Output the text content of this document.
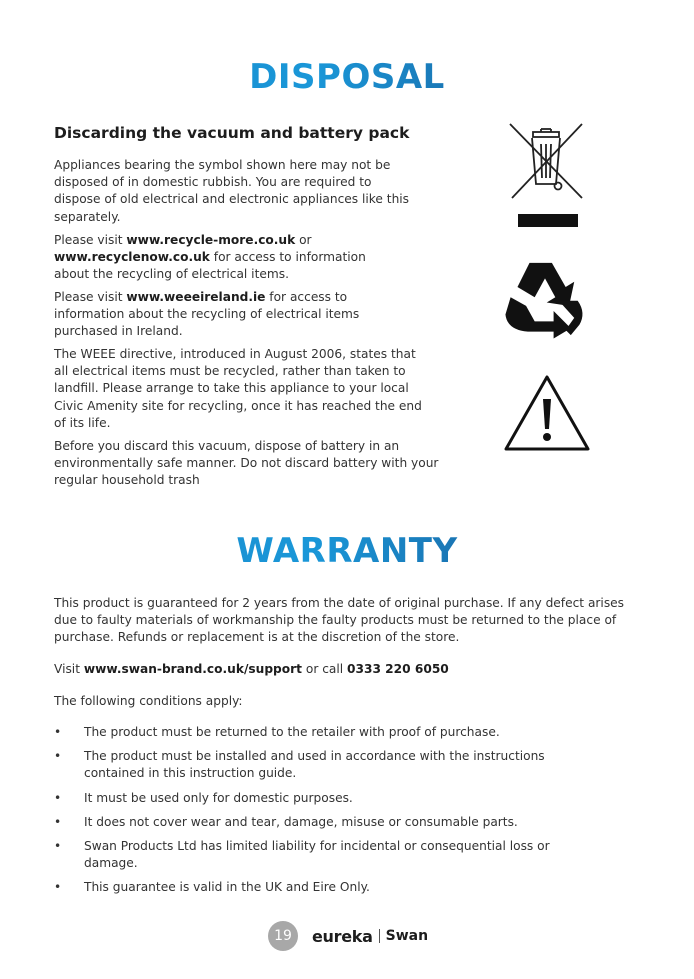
DISPOSAL
Discarding the vacuum and battery pack

Appliances bearing the symbol shown here may not be disposed of in domestic rubbish. You are required to dispose of old electrical and electronic appliances like this separately.

Please visit www.recycle-more.co.uk or
www.recyclenow.co.uk for access to information about the recycling of electrical items.

Please visit www.weeeireland.ie for access to information about the recycling of electrical items purchased in Ireland.

The WEEE directive, introduced in August 2006, states that all electrical items must be recycled, rather than taken to landfill. Please arrange to take this appliance to your local Civic Amenity site for recycling, once it has reached the end of its life.

Before you discard this vacuum, dispose of battery in an environmentally safe manner. Do not discard battery with your regular household trash

WARRANTY

This product is guaranteed for 2 years from the date of original purchase. If any defect arises due to faulty materials of workmanship the faulty products must be returned to the place of purchase. Refunds or replacement is at the discretion of the store.

Visit www.swan-brand.co.uk/support or call 0333 220 6050

The following conditions apply:

• The product must be returned to the retailer with proof of purchase.
• The product must be installed and used in accordance with the instructions contained in this instruction guide.
• It must be used only for domestic purposes.
• It does not cover wear and tear, damage, misuse or consumable parts.
• Swan Products Ltd has limited liability for incidental or consequential loss or damage.
• This guarantee is valid in the UK and Eire Only.
19	eureka Swan
